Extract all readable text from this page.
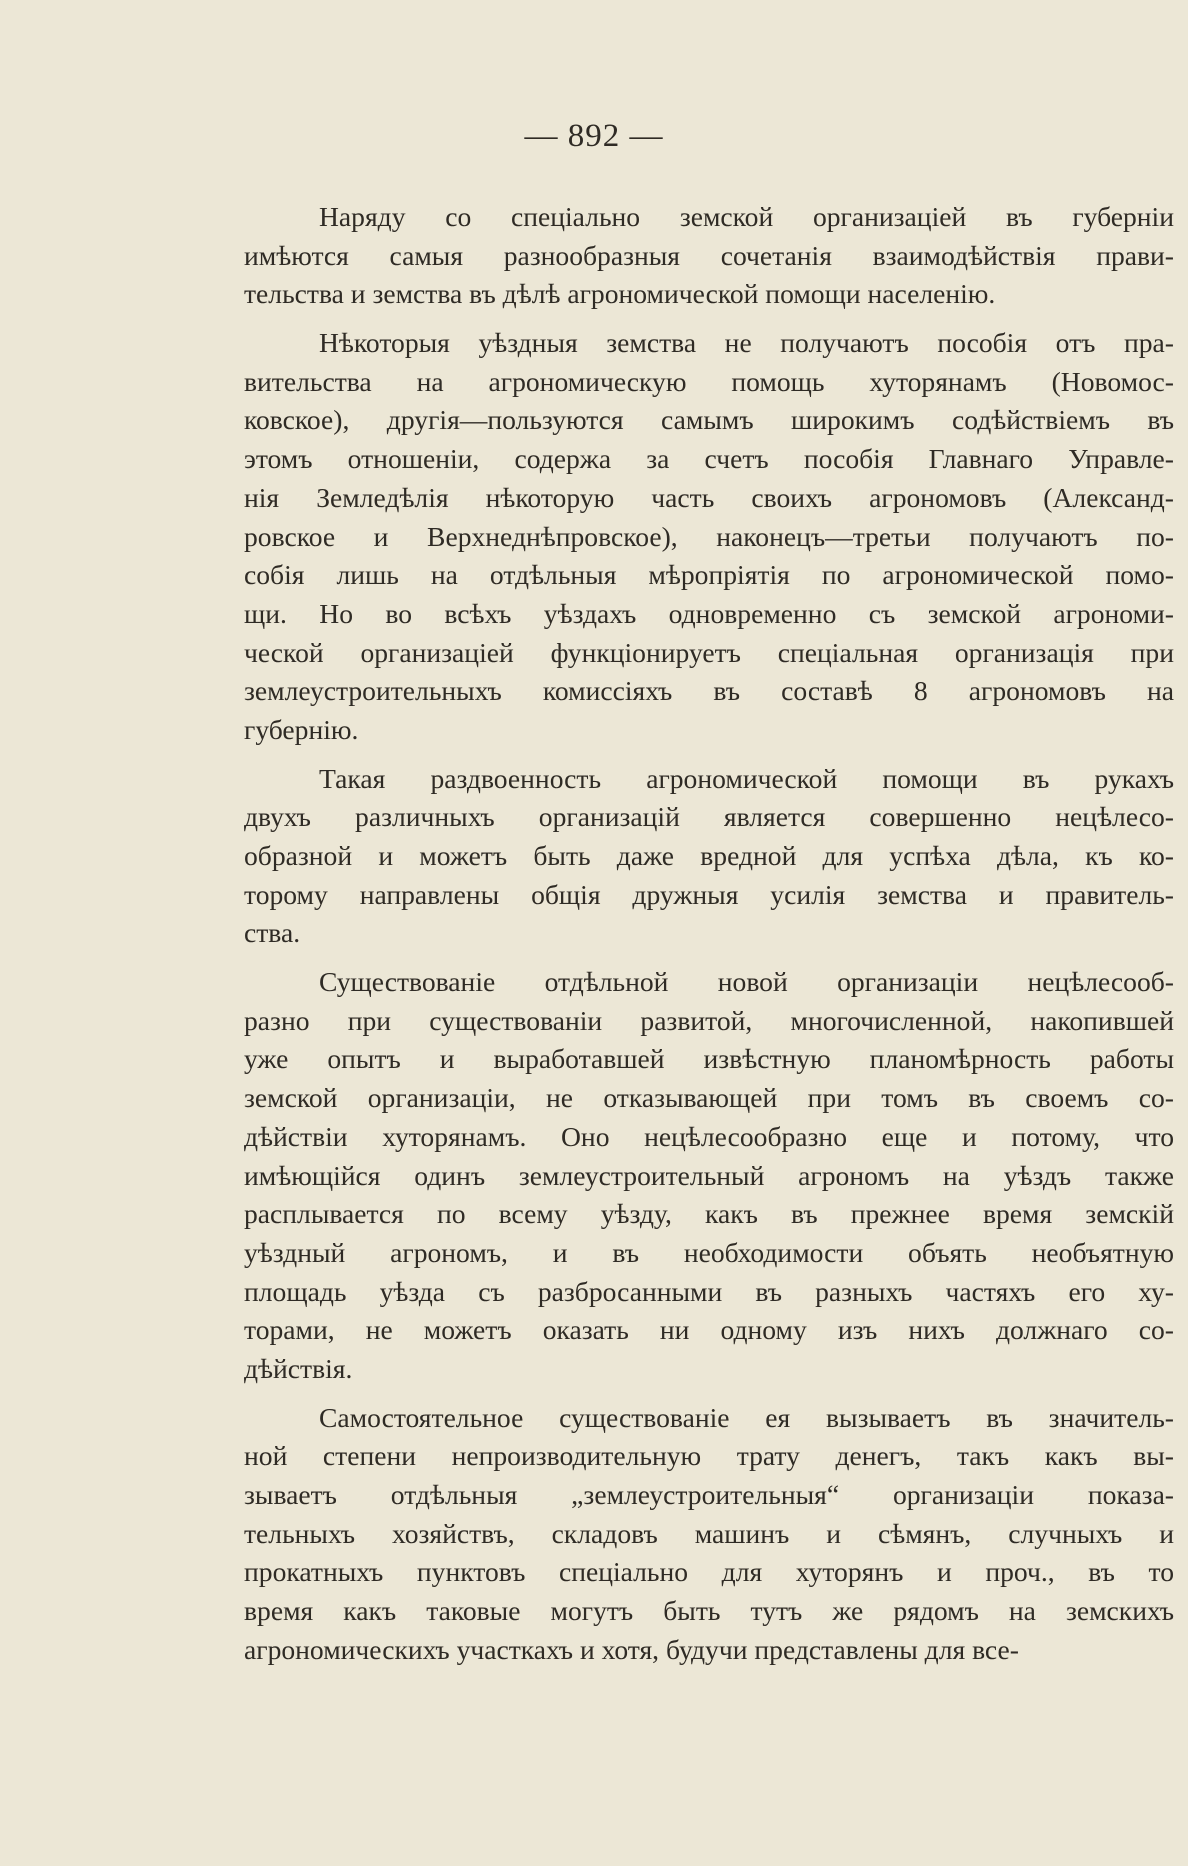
— 892 —
Наряду со спеціально земской организаціей въ губерніи
имѣются самыя разнообразныя сочетанія взаимодѣйствія прави-
тельства и земства въ дѣлѣ агрономической помощи населенію.
Нѣкоторыя уѣздныя земства не получаютъ пособія отъ пра-
вительства на агрономическую помощь хуторянамъ (Новомос-
ковское), другія—пользуются самымъ широкимъ содѣйствіемъ въ
этомъ отношеніи, содержа за счетъ пособія Главнаго Управле-
нія Земледѣлія нѣкоторую часть своихъ агрономовъ (Александ-
ровское и Верхнеднѣпровское), наконецъ—третьи получаютъ по-
собія лишь на отдѣльныя мѣропріятія по агрономической помо-
щи. Но во всѣхъ уѣздахъ одновременно съ земской агрономи-
ческой организаціей функціонируетъ спеціальная организація при
землеустроительныхъ комиссіяхъ въ составѣ 8 агрономовъ на
губернію.
Такая раздвоенность агрономической помощи въ рукахъ
двухъ различныхъ организацій является совершенно нецѣлесо-
образной и можетъ быть даже вредной для успѣха дѣла, къ ко-
торому направлены общія дружныя усилія земства и правитель-
ства.
Существованіе отдѣльной новой организаціи нецѣлесооб-
разно при существованіи развитой, многочисленной, накопившей
уже опытъ и выработавшей извѣстную планомѣрность работы
земской организаціи, не отказывающей при томъ въ своемъ со-
дѣйствіи хуторянамъ. Оно нецѣлесообразно еще и потому, что
имѣющійся одинъ землеустроительный агрономъ на уѣздъ также
расплывается по всему уѣзду, какъ въ прежнее время земскій
уѣздный агрономъ, и въ необходимости объять необъятную
площадь уѣзда съ разбросанными въ разныхъ частяхъ его ху-
торами, не можетъ оказать ни одному изъ нихъ должнаго со-
дѣйствія.
Самостоятельное существованіе ея вызываетъ въ значитель-
ной степени непроизводительную трату денегъ, такъ какъ вы-
зываетъ отдѣльныя „землеустроительныя“ организаціи показа-
тельныхъ хозяйствъ, складовъ машинъ и сѣмянъ, случныхъ и
прокатныхъ пунктовъ спеціально для хуторянъ и проч., въ то
время какъ таковые могутъ быть тутъ же рядомъ на земскихъ
агрономическихъ участкахъ и хотя, будучи представлены для все-
